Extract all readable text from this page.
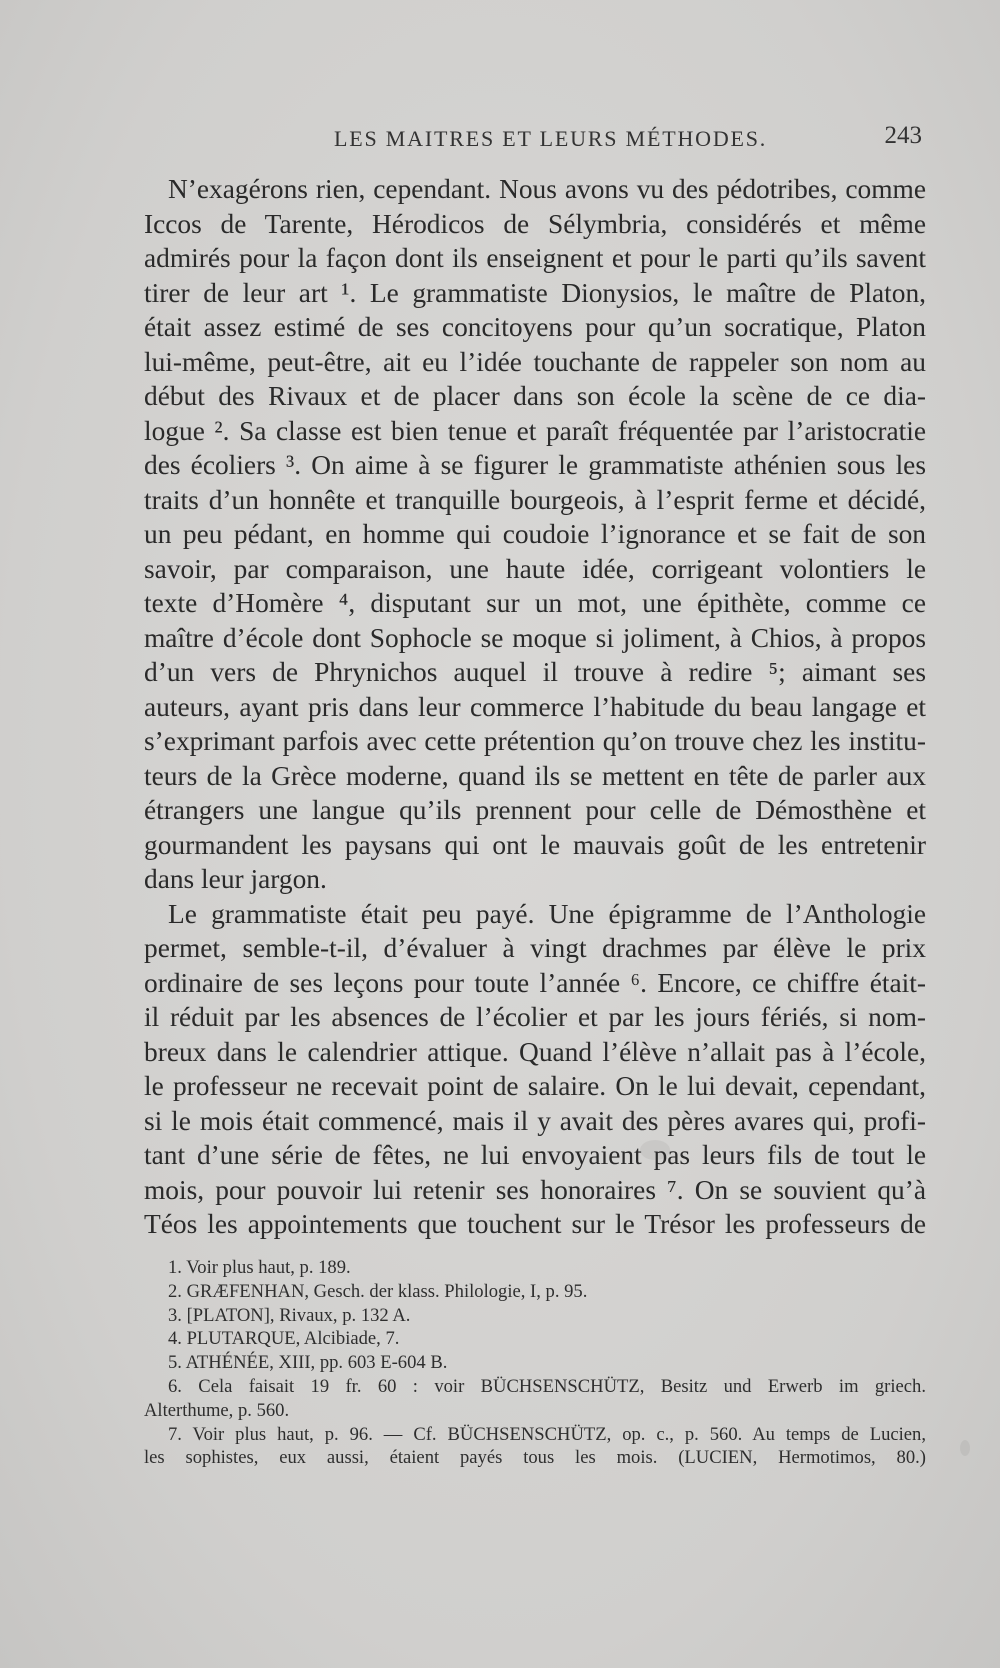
LES MAITRES ET LEURS MÉTHODES.	243
N’exagérons rien, cependant. Nous avons vu des pédotribes, comme
Iccos de Tarente, Hérodicos de Sélymbria, considérés et même
admirés pour la façon dont ils enseignent et pour le parti qu’ils savent
tirer de leur art ¹. Le grammatiste Dionysios, le maître de Platon,
était assez estimé de ses concitoyens pour qu’un socratique, Platon
lui-même, peut-être, ait eu l’idée touchante de rappeler son nom au
début des Rivaux et de placer dans son école la scène de ce dia-
logue ². Sa classe est bien tenue et paraît fréquentée par l’aristocratie
des écoliers ³. On aime à se figurer le grammatiste athénien sous les
traits d’un honnête et tranquille bourgeois, à l’esprit ferme et décidé,
un peu pédant, en homme qui coudoie l’ignorance et se fait de son
savoir, par comparaison, une haute idée, corrigeant volontiers le
texte d’Homère ⁴, disputant sur un mot, une épithète, comme ce
maître d’école dont Sophocle se moque si joliment, à Chios, à propos
d’un vers de Phrynichos auquel il trouve à redire ⁵; aimant ses
auteurs, ayant pris dans leur commerce l’habitude du beau langage et
s’exprimant parfois avec cette prétention qu’on trouve chez les institu-
teurs de la Grèce moderne, quand ils se mettent en tête de parler aux
étrangers une langue qu’ils prennent pour celle de Démosthène et
gourmandent les paysans qui ont le mauvais goût de les entretenir
dans leur jargon.
Le grammatiste était peu payé. Une épigramme de l’Anthologie
permet, semble-t-il, d’évaluer à vingt drachmes par élève le prix
ordinaire de ses leçons pour toute l’année ⁶. Encore, ce chiffre était-
il réduit par les absences de l’écolier et par les jours fériés, si nom-
breux dans le calendrier attique. Quand l’élève n’allait pas à l’école,
le professeur ne recevait point de salaire. On le lui devait, cependant,
si le mois était commencé, mais il y avait des pères avares qui, profi-
tant d’une série de fêtes, ne lui envoyaient pas leurs fils de tout le
mois, pour pouvoir lui retenir ses honoraires ⁷. On se souvient qu’à
Téos les appointements que touchent sur le Trésor les professeurs de
1. Voir plus haut, p. 189.
2. GRÆFENHAN, Gesch. der klass. Philologie, I, p. 95.
3. [PLATON], Rivaux, p. 132 A.
4. PLUTARQUE, Alcibiade, 7.
5. ATHÉNÉE, XIII, pp. 603 E-604 B.
6. Cela faisait 19 fr. 60 : voir BÜCHSENSCHÜTZ, Besitz und Erwerb im griech.
Alterthume, p. 560.
7. Voir plus haut, p. 96. — Cf. BÜCHSENSCHÜTZ, op. c., p. 560. Au temps de Lucien,
les sophistes, eux aussi, étaient payés tous les mois. (LUCIEN, Hermotimos, 80.)
